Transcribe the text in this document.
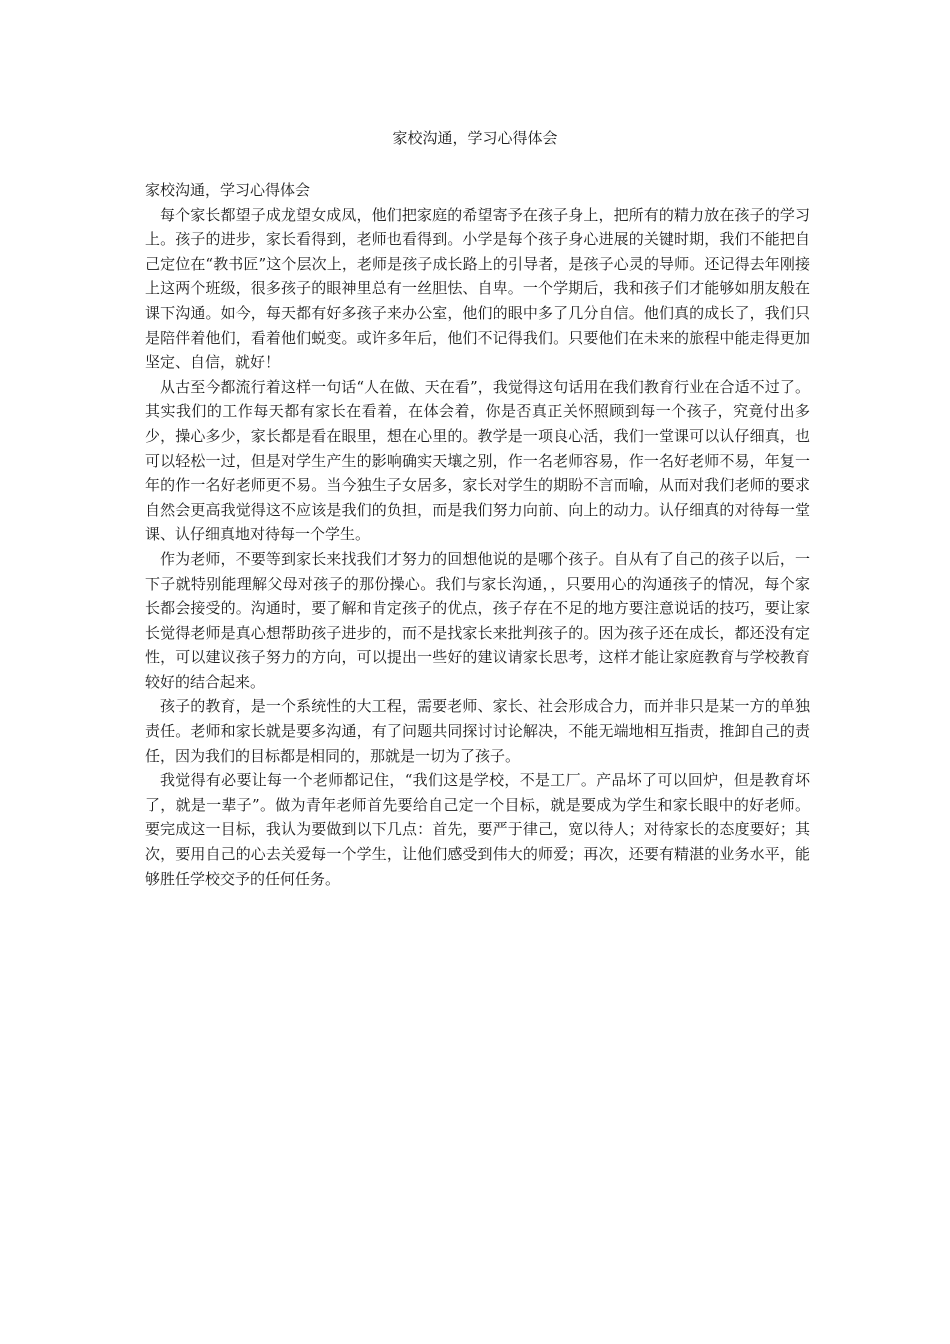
家校沟通，学习心得体会

家校沟通，学习心得体会

每个家长都望子成龙望女成凤，他们把家庭的希望寄予在孩子身上，把所有的精力放在孩子的学习上。孩子的进步，家长看得到，老师也看得到。小学是每个孩子身心进展的关键时期，我们不能把自己定位在“教书匠”这个层次上，老师是孩子成长路上的引导者，是孩子心灵的导师。还记得去年刚接上这两个班级，很多孩子的眼神里总有一丝胆怯、自卑。一个学期后，我和孩子们才能够如朋友般在课下沟通。如今，每天都有好多孩子来办公室，他们的眼中多了几分自信。他们真的成长了，我们只是陪伴着他们，看着他们蜕变。或许多年后，他们不记得我们。只要他们在未来的旅程中能走得更加坚定、自信，就好！

从古至今都流行着这样一句话“人在做、天在看”，我觉得这句话用在我们教育行业在合适不过了。其实我们的工作每天都有家长在看着，在体会着，你是否真正关怀照顾到每一个孩子，究竟付出多少，操心多少，家长都是看在眼里，想在心里的。教学是一项良心活，我们一堂课可以认仔细真，也可以轻松一过，但是对学生产生的影响确实天壤之别，作一名老师容易，作一名好老师不易，年复一年的作一名好老师更不易。当今独生子女居多，家长对学生的期盼不言而喻，从而对我们老师的要求自然会更高我觉得这不应该是我们的负担，而是我们努力向前、向上的动力。认仔细真的对待每一堂课、认仔细真地对待每一个学生。

作为老师，不要等到家长来找我们才努力的回想他说的是哪个孩子。自从有了自己的孩子以后，一下子就特别能理解父母对孩子的那份操心。我们与家长沟通，，只要用心的沟通孩子的情况，每个家长都会接受的。沟通时，要了解和肯定孩子的优点，孩子存在不足的地方要注意说话的技巧，要让家长觉得老师是真心想帮助孩子进步的，而不是找家长来批判孩子的。因为孩子还在成长，都还没有定性，可以建议孩子努力的方向，可以提出一些好的建议请家长思考，这样才能让家庭教育与学校教育较好的结合起来。

孩子的教育，是一个系统性的大工程，需要老师、家长、社会形成合力，而并非只是某一方的单独责任。老师和家长就是要多沟通，有了问题共同探讨讨论解决，不能无端地相互指责，推卸自己的责任，因为我们的目标都是相同的，那就是一切为了孩子。

我觉得有必要让每一个老师都记住，“我们这是学校，不是工厂。产品坏了可以回炉，但是教育坏了，就是一辈子”。做为青年老师首先要给自己定一个目标，就是要成为学生和家长眼中的好老师。要完成这一目标，我认为要做到以下几点：首先，要严于律己，宽以待人；对待家长的态度要好；其次，要用自己的心去关爱每一个学生，让他们感受到伟大的师爱；再次，还要有精湛的业务水平，能够胜任学校交予的任何任务。
